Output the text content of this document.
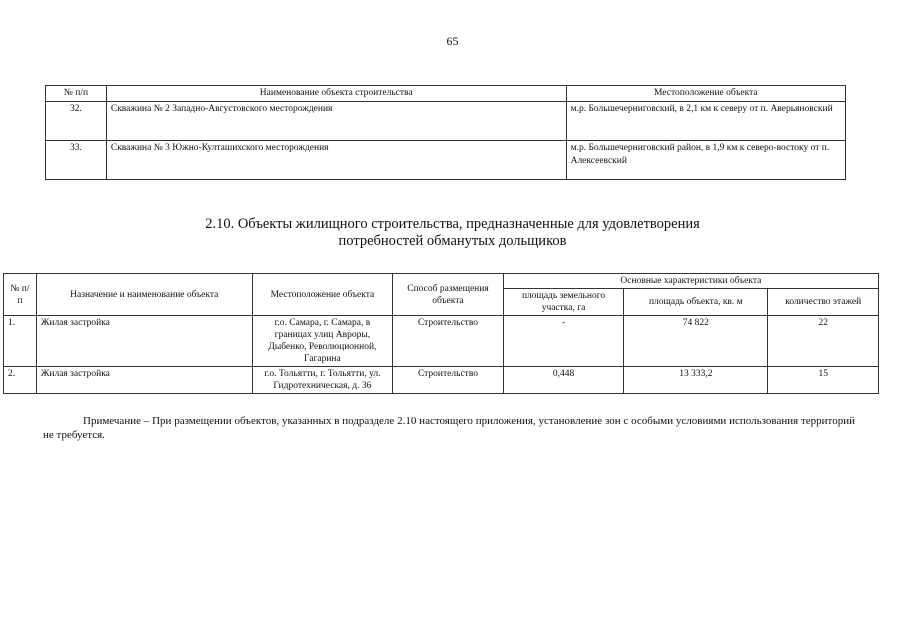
65
№ п/п	Наименование объекта строительства	Местоположение объекта
32.	Скважина № 2 Западно-Августовского месторождения	м.р. Большечерниговский, в 2,1 км к северу от п. Аверьяновский
33.	Скважина № 3 Южно-Култашихского месторождения	м.р. Большечерниговский район, в 1,9 км к северо-востоку от п. Алексеевский
2.10. Объекты жилищного строительства, предназначенные для удовлетворения
потребностей обманутых дольщиков
№ п/п	Назначение и наименование объекта	Местоположение объекта	Способ размещения объекта	Основные характеристики объекта		
				площадь земельного участка, га	площадь объекта, кв. м	количество этажей
1.	Жилая застройка	г.о. Самара, г. Самара, в границах улиц Авроры, Дыбенко, Революционной, Гагарина	Строительство	-	74 822	22
2.	Жилая застройка	г.о. Тольятти, г. Тольятти, ул. Гидротехническая, д. 36	Строительство	0,448	13 333,2	15
Примечание – При размещении объектов, указанных в подразделе 2.10 настоящего приложения, установление зон с особыми условиями использования территорий не требуется.
